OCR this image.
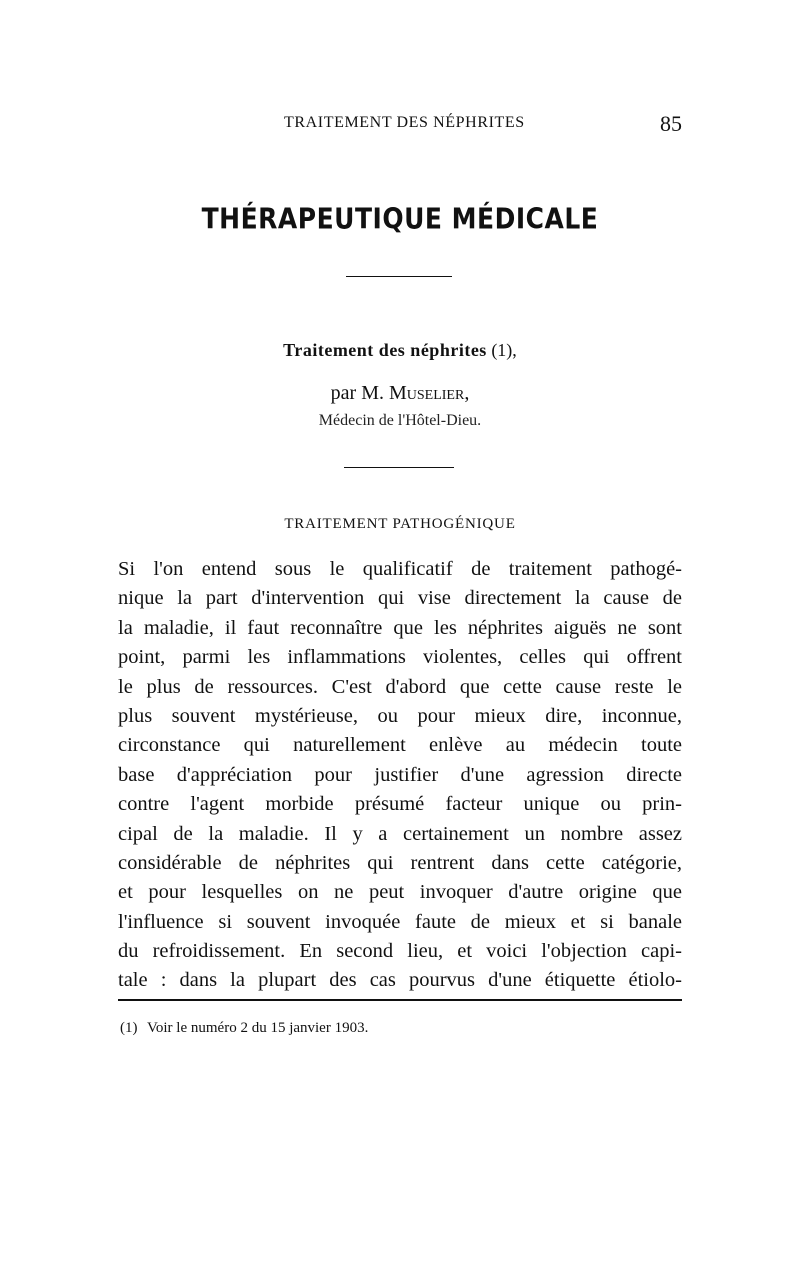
TRAITEMENT DES NÉPHRITES	85
THÉRAPEUTIQUE MÉDICALE
Traitement des néphrites (1),
par M. Muselier,
Médecin de l'Hôtel-Dieu.
TRAITEMENT PATHOGÉNIQUE
Si l'on entend sous le qualificatif de traitement pathogé-
nique la part d'intervention qui vise directement la cause de
la maladie, il faut reconnaître que les néphrites aiguës ne sont
point, parmi les inflammations violentes, celles qui offrent
le plus de ressources. C'est d'abord que cette cause reste le
plus souvent mystérieuse, ou pour mieux dire, inconnue,
circonstance qui naturellement enlève au médecin toute
base d'appréciation pour justifier d'une agression directe
contre l'agent morbide présumé facteur unique ou prin-
cipal de la maladie. Il y a certainement un nombre assez
considérable de néphrites qui rentrent dans cette catégorie,
et pour lesquelles on ne peut invoquer d'autre origine que
l'influence si souvent invoquée faute de mieux et si banale
du refroidissement. En second lieu, et voici l'objection capi-
tale : dans la plupart des cas pourvus d'une étiquette étiolo-
(1) Voir le numéro 2 du 15 janvier 1903.
